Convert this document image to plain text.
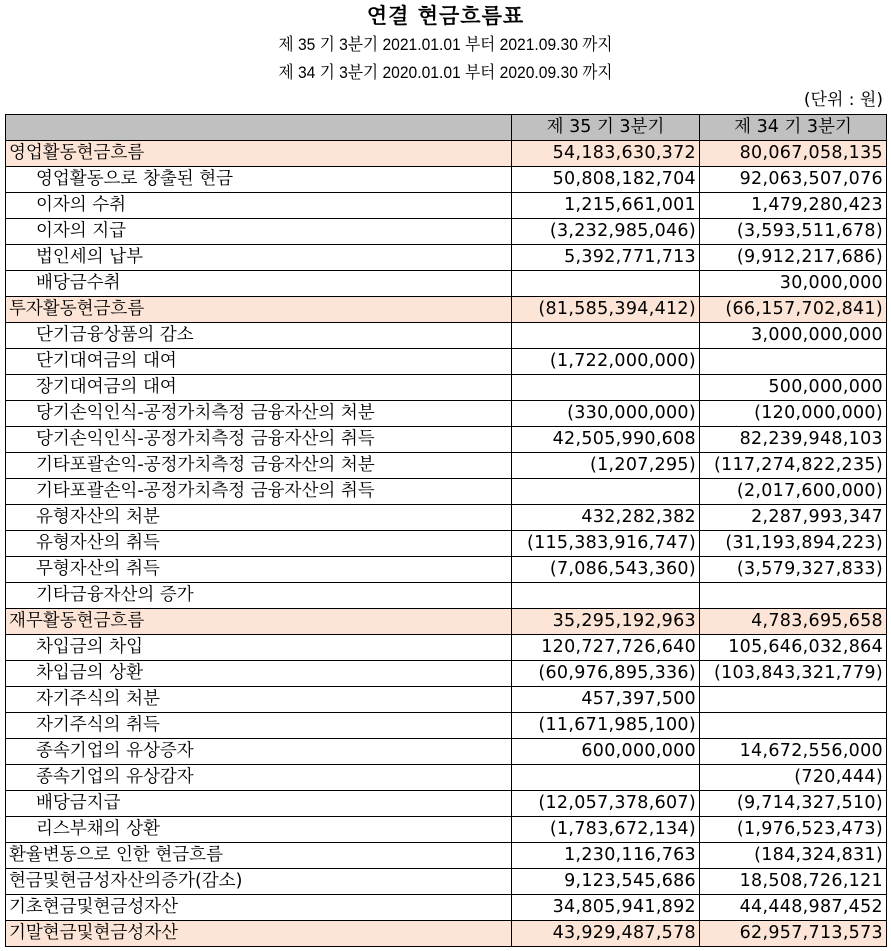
연결 현금흐름표
제 35 기 3분기 2021.01.01 부터 2021.09.30 까지
제 34 기 3분기 2020.01.01 부터 2020.09.30 까지
(단위 : 원)
	제 35 기 3분기	제 34 기 3분기
영업활동현금흐름	54,183,630,372	80,067,058,135
영업활동으로 창출된 현금	50,808,182,704	92,063,507,076
이자의 수취	1,215,661,001	1,479,280,423
이자의 지급	(3,232,985,046)	(3,593,511,678)
법인세의 납부	5,392,771,713	(9,912,217,686)
배당금수취		30,000,000
투자활동현금흐름	(81,585,394,412)	(66,157,702,841)
단기금융상품의 감소		3,000,000,000
단기대여금의 대여	(1,722,000,000)	
장기대여금의 대여		500,000,000
당기손익인식-공정가치측정 금융자산의 처분	(330,000,000)	(120,000,000)
당기손익인식-공정가치측정 금융자산의 취득	42,505,990,608	82,239,948,103
기타포괄손익-공정가치측정 금융자산의 처분	(1,207,295)	(117,274,822,235)
기타포괄손익-공정가치측정 금융자산의 취득		(2,017,600,000)
유형자산의 처분	432,282,382	2,287,993,347
유형자산의 취득	(115,383,916,747)	(31,193,894,223)
무형자산의 취득	(7,086,543,360)	(3,579,327,833)
기타금융자산의 증가		
재무활동현금흐름	35,295,192,963	4,783,695,658
차입금의 차입	120,727,726,640	105,646,032,864
차입금의 상환	(60,976,895,336)	(103,843,321,779)
자기주식의 처분	457,397,500	
자기주식의 취득	(11,671,985,100)	
종속기업의 유상증자	600,000,000	14,672,556,000
종속기업의 유상감자		(720,444)
배당금지급	(12,057,378,607)	(9,714,327,510)
리스부채의 상환	(1,783,672,134)	(1,976,523,473)
환율변동으로 인한 현금흐름	1,230,116,763	(184,324,831)
현금및현금성자산의증가(감소)	9,123,545,686	18,508,726,121
기초현금및현금성자산	34,805,941,892	44,448,987,452
기말현금및현금성자산	43,929,487,578	62,957,713,573
